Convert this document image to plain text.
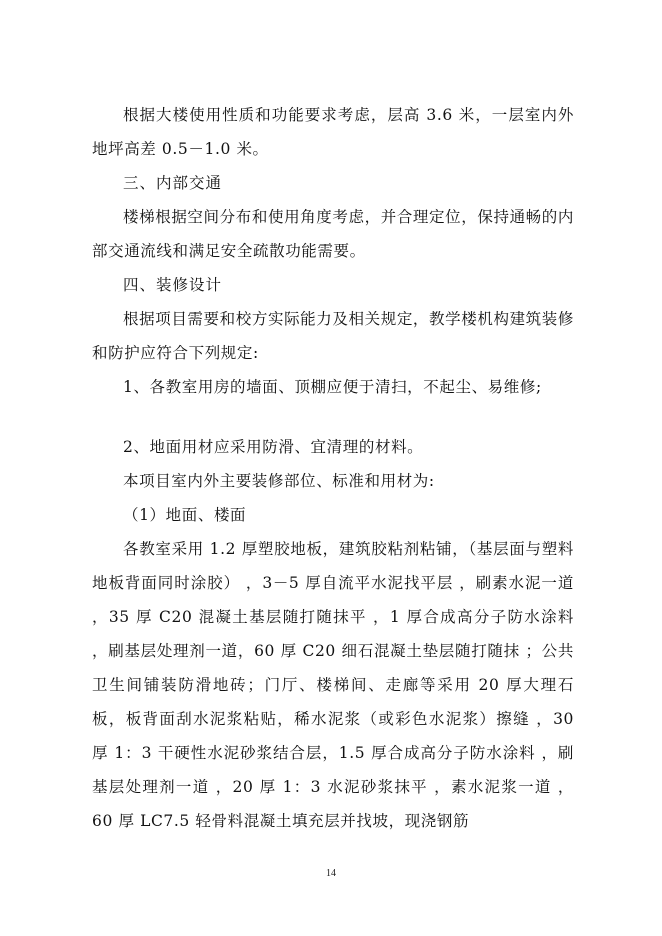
根据大楼使用性质和功能要求考虑，层高 3.6 米，一层室内外地坪高差 0.5－1.0 米。

三、内部交通

楼梯根据空间分布和使用角度考虑，并合理定位，保持通畅的内部交通流线和满足安全疏散功能需要。

四、装修设计

根据项目需要和校方实际能力及相关规定，教学楼机构建筑装修和防护应符合下列规定:

1、各教室用房的墙面、顶棚应便于清扫，不起尘、易维修;

2、地面用材应采用防滑、宜清理的材料。

本项目室内外主要装修部位、标准和用材为:

（1）地面、楼面

各教室采用 1.2 厚塑胶地板，建筑胶粘剂粘铺，（基层面与塑料地板背面同时涂胶） ，3－5 厚自流平水泥找平层 ，刷素水泥一道 ，35 厚 C20 混凝土基层随打随抹平 ，1 厚合成高分子防水涂料 ，刷基层处理剂一道，60 厚 C20 细石混凝土垫层随打随抹 ；公共卫生间铺装防滑地砖；门厅、楼梯间、走廊等采用 20 厚大理石板，板背面刮水泥浆粘贴，稀水泥浆（或彩色水泥浆）擦缝 ，30 厚 1：3 干硬性水泥砂浆结合层，1.5 厚合成高分子防水涂料 ，刷基层处理剂一道 ，20 厚 1：3 水泥砂浆抹平 ，素水泥浆一道 ，60 厚 LC7.5 轻骨料混凝土填充层并找坡，现浇钢筋

14
